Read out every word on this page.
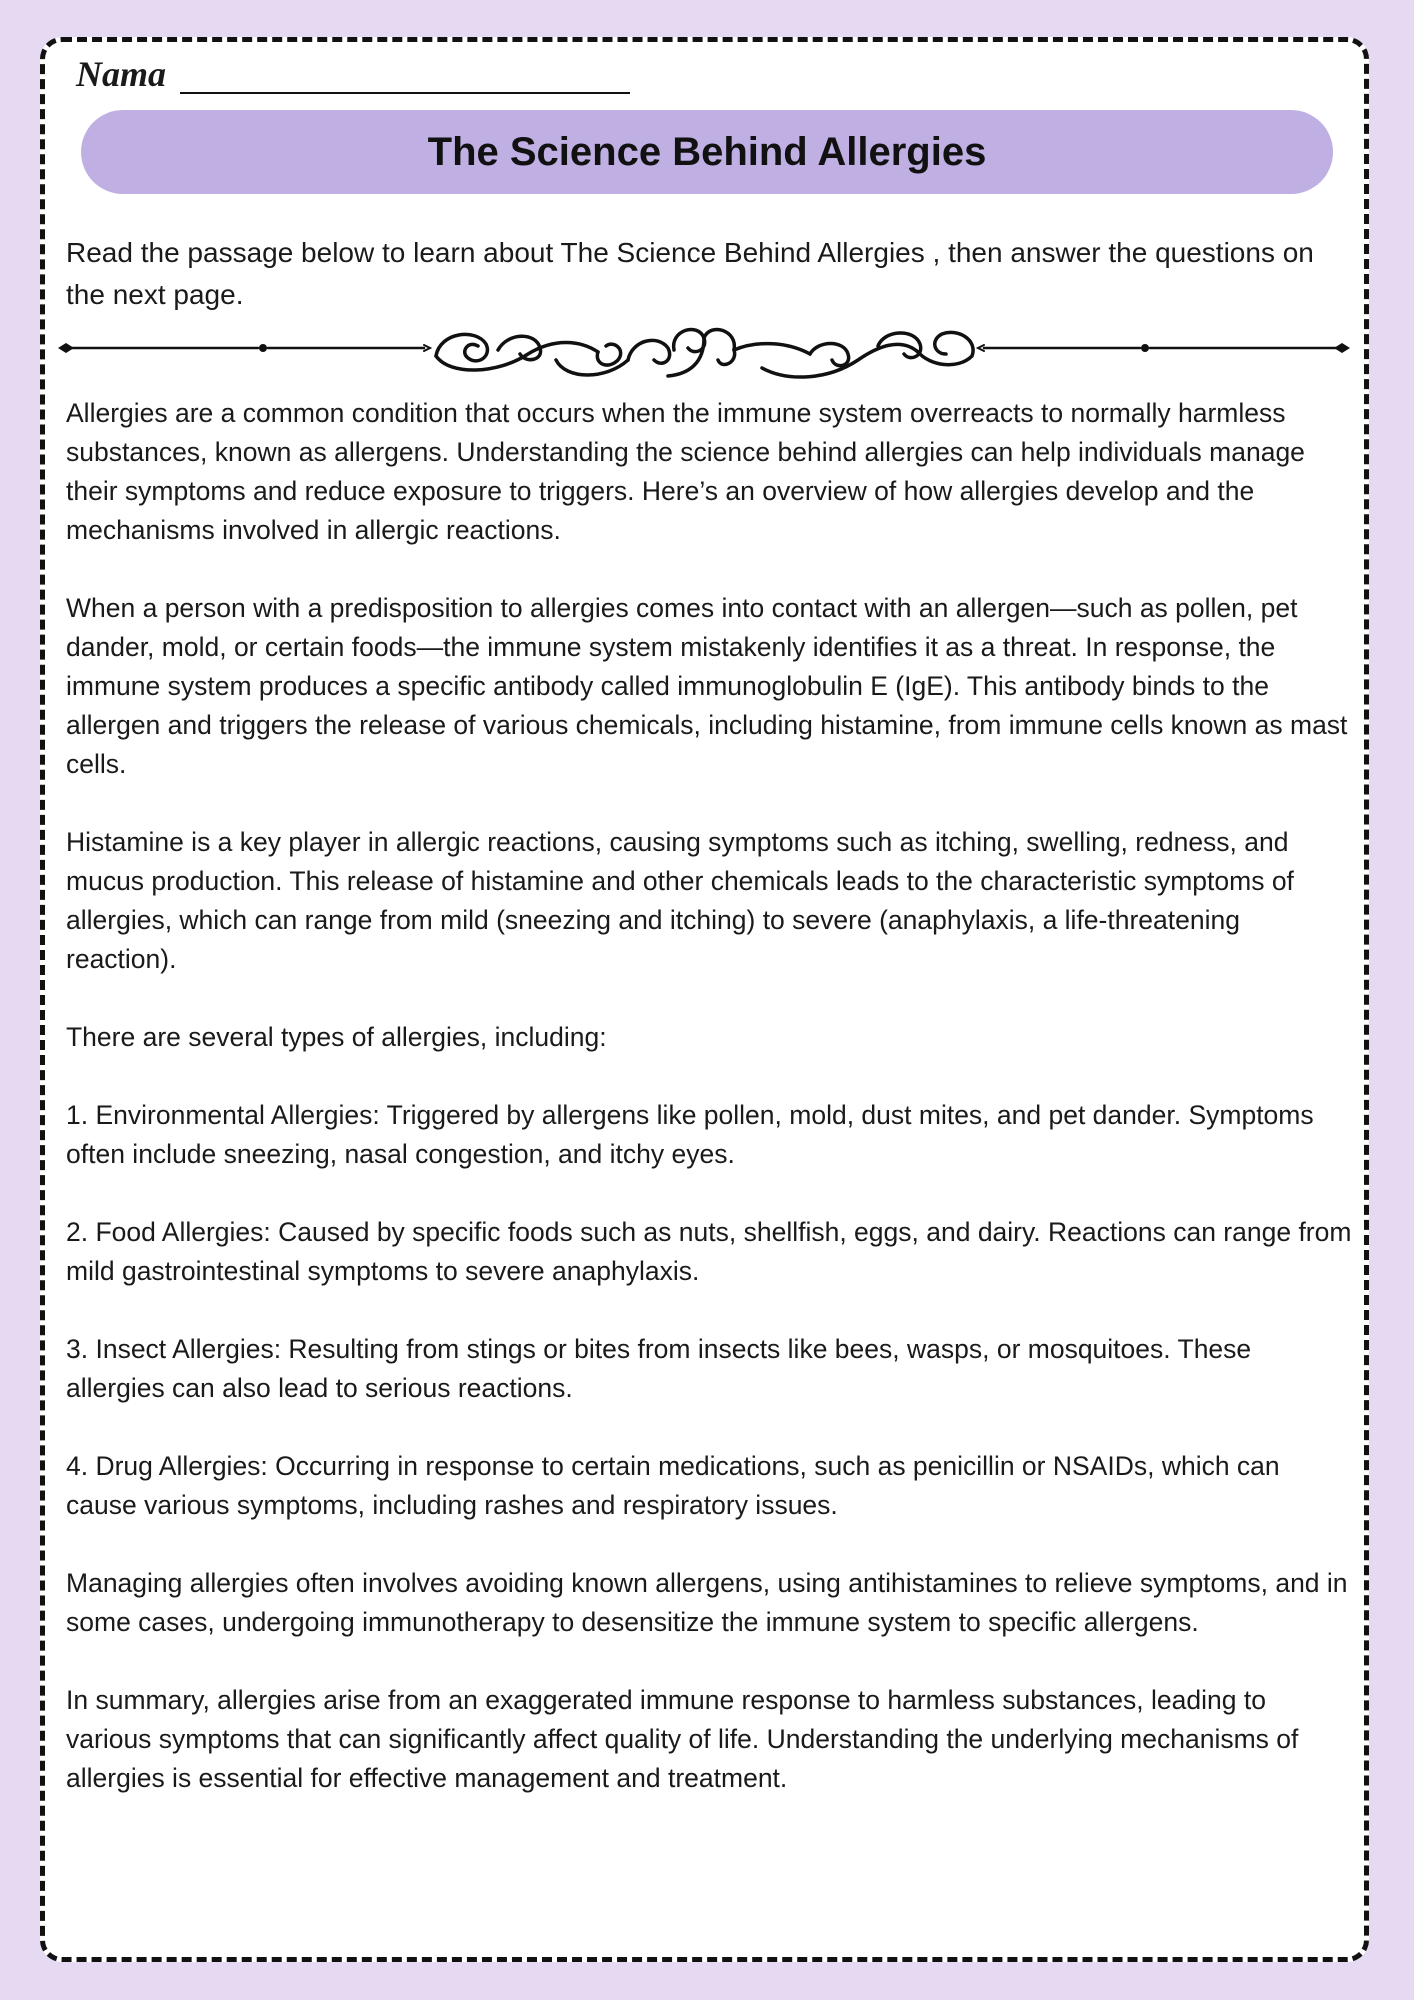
Nama
The Science Behind Allergies
Read the passage below to learn about The Science Behind Allergies , then answer the questions on the next page.

Allergies are a common condition that occurs when the immune system overreacts to normally harmless substances, known as allergens. Understanding the science behind allergies can help individuals manage their symptoms and reduce exposure to triggers. Here’s an overview of how allergies develop and the mechanisms involved in allergic reactions.

When a person with a predisposition to allergies comes into contact with an allergen—such as pollen, pet dander, mold, or certain foods—the immune system mistakenly identifies it as a threat. In response, the immune system produces a specific antibody called immunoglobulin E (IgE). This antibody binds to the allergen and triggers the release of various chemicals, including histamine, from immune cells known as mast cells.

Histamine is a key player in allergic reactions, causing symptoms such as itching, swelling, redness, and mucus production. This release of histamine and other chemicals leads to the characteristic symptoms of allergies, which can range from mild (sneezing and itching) to severe (anaphylaxis, a life-threatening reaction).

There are several types of allergies, including:

1. Environmental Allergies: Triggered by allergens like pollen, mold, dust mites, and pet dander. Symptoms often include sneezing, nasal congestion, and itchy eyes.

2. Food Allergies: Caused by specific foods such as nuts, shellfish, eggs, and dairy. Reactions can range from mild gastrointestinal symptoms to severe anaphylaxis.

3. Insect Allergies: Resulting from stings or bites from insects like bees, wasps, or mosquitoes. These allergies can also lead to serious reactions.

4. Drug Allergies: Occurring in response to certain medications, such as penicillin or NSAIDs, which can cause various symptoms, including rashes and respiratory issues.

Managing allergies often involves avoiding known allergens, using antihistamines to relieve symptoms, and in some cases, undergoing immunotherapy to desensitize the immune system to specific allergens.

In summary, allergies arise from an exaggerated immune response to harmless substances, leading to various symptoms that can significantly affect quality of life. Understanding the underlying mechanisms of allergies is essential for effective management and treatment.
